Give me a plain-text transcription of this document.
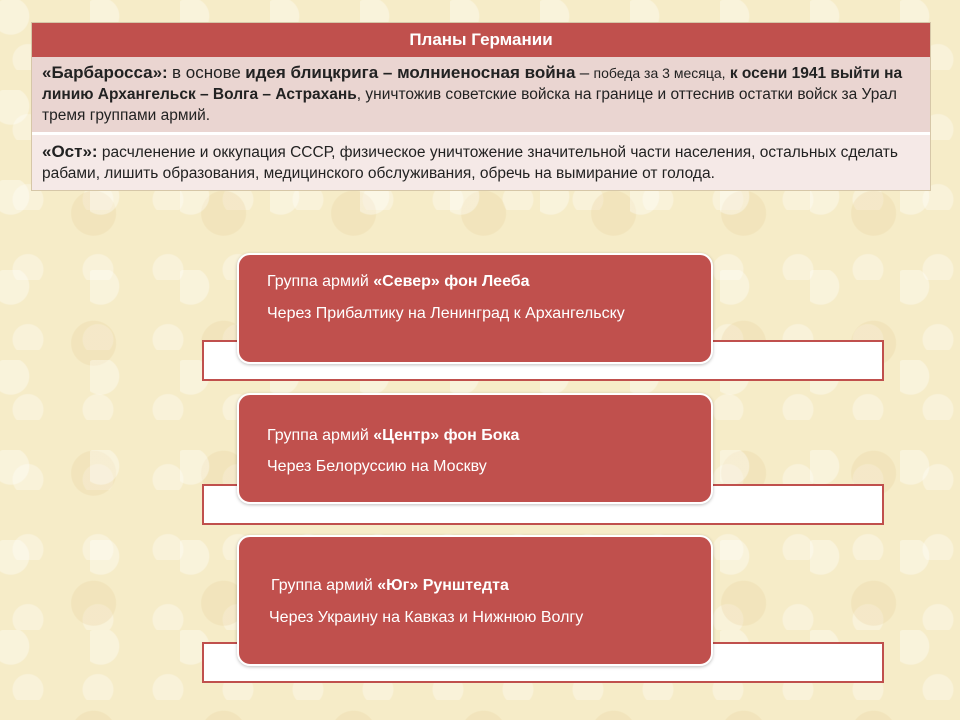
Планы Германии
«Барбаросса»: в основе идея блицкрига – молниеносная война – победа за 3 месяца, к осени 1941 выйти на линию Архангельск – Волга – Астрахань, уничтожив советские войска на границе и оттеснив остатки войск за Урал тремя группами армий.
«Ост»: расчленение и оккупация СССР, физическое уничтожение значительной части населения, остальных сделать рабами, лишить образования, медицинского обслуживания, обречь на вымирание от голода.
Группа армий «Север» фон Лееба
Через Прибалтику на Ленинград к Архангельску
Группа армий «Центр» фон Бока
Через Белоруссию на Москву
Группа армий «Юг» Рунштедта
Через Украину на Кавказ и Нижнюю Волгу
